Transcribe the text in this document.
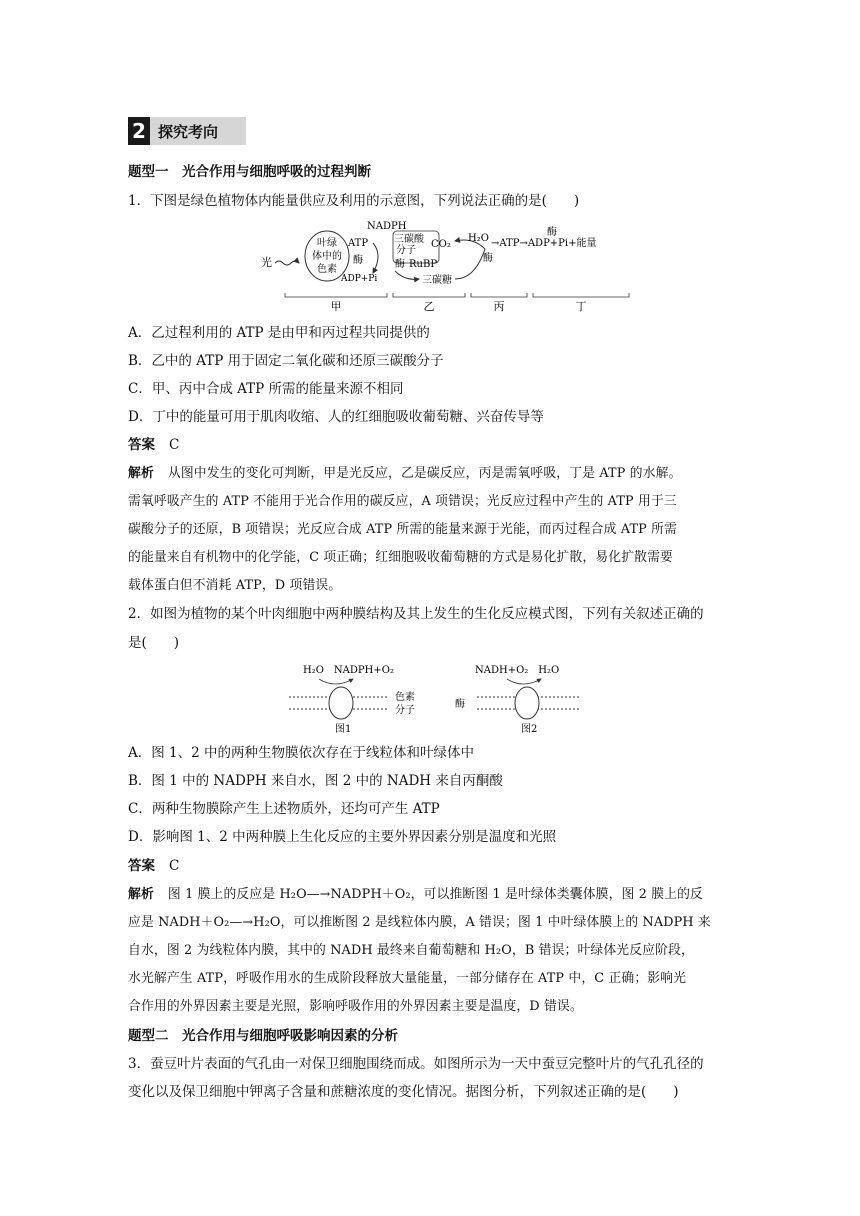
2 探究考向
题型一　光合作用与细胞呼吸的过程判断
1．下图是绿色植物体内能量供应及利用的示意图，下列说法正确的是(　　)
光
叶绿
体中的
色素
NADPH
ATP
酶
ADP+Pi
三碳酸
分子
酶 RuBP
CO₂
三碳糖
H₂O
酶
→ATP→ADP+Pi+能量
酶
甲	乙	丙	丁
A．乙过程利用的 ATP 是由甲和丙过程共同提供的
B．乙中的 ATP 用于固定二氧化碳和还原三碳酸分子
C．甲、丙中合成 ATP 所需的能量来源不相同
D．丁中的能量可用于肌肉收缩、人的红细胞吸收葡萄糖、兴奋传导等
答案 C
解析 从图中发生的变化可判断，甲是光反应，乙是碳反应，丙是需氧呼吸，丁是 ATP 的水解。
需氧呼吸产生的 ATP 不能用于光合作用的碳反应，A 项错误；光反应过程中产生的 ATP 用于三
碳酸分子的还原，B 项错误；光反应合成 ATP 所需的能量来源于光能，而丙过程合成 ATP 所需
的能量来自有机物中的化学能，C 项正确；红细胞吸收葡萄糖的方式是易化扩散，易化扩散需要
载体蛋白但不消耗 ATP，D 项错误。
2．如图为植物的某个叶肉细胞中两种膜结构及其上发生的生化反应模式图，下列有关叙述正确的
是(　　)
H₂O　NADPH+O₂
色素
分子
图1
NADH+O₂　H₂O
酶
图2
A．图 1、2 中的两种生物膜依次存在于线粒体和叶绿体中
B．图 1 中的 NADPH 来自水，图 2 中的 NADH 来自丙酮酸
C．两种生物膜除产生上述物质外，还均可产生 ATP
D．影响图 1、2 中两种膜上生化反应的主要外界因素分别是温度和光照
答案 C
解析 图 1 膜上的反应是 H₂O—→NADPH＋O₂，可以推断图 1 是叶绿体类囊体膜，图 2 膜上的反
应是 NADH＋O₂—→H₂O，可以推断图 2 是线粒体内膜，A 错误；图 1 中叶绿体膜上的 NADPH 来
自水，图 2 为线粒体内膜，其中的 NADH 最终来自葡萄糖和 H₂O，B 错误；叶绿体光反应阶段，
水光解产生 ATP，呼吸作用水的生成阶段释放大量能量，一部分储存在 ATP 中，C 正确；影响光
合作用的外界因素主要是光照，影响呼吸作用的外界因素主要是温度，D 错误。
题型二　光合作用与细胞呼吸影响因素的分析
3．蚕豆叶片表面的气孔由一对保卫细胞围绕而成。如图所示为一天中蚕豆完整叶片的气孔孔径的
变化以及保卫细胞中钾离子含量和蔗糖浓度的变化情况。据图分析，下列叙述正确的是(　　)
